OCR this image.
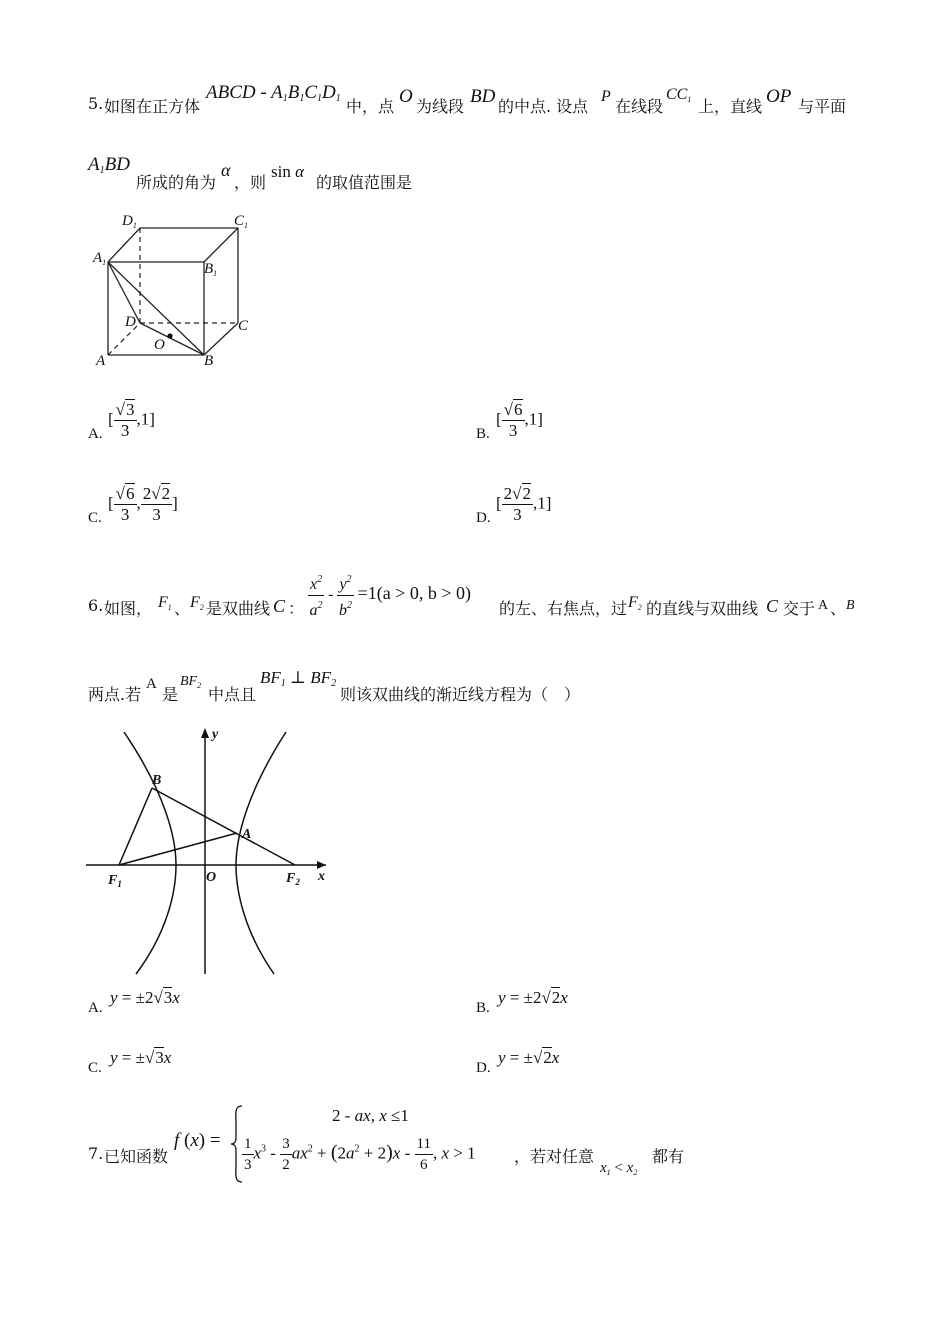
5. 如图在正方体
ABCD - $A_1B_1C_1D_1$ 中，点 O 为线段 BD 的中点. 设点
P
在线段
$CC_1$ 上，直线 OP 与平面
$A_1BD$
所成的角为
α
，则
sin α
的取值范围是
$D_1$	$C_1$
$A_1$	$B_1$
D	C
A	B
O
A.
[ $\frac{√3}{3} ,1$]
B.
[ $\frac{√6}{3} ,1$]
C.
[ $\frac{√6}{3}$ , $\frac{2√2}{3}$ ]
D.
[ $\frac{2√2}{3} ,1$]
6. 如图， $F_1$ 、 $F_2$ 是双曲线 C ： $\frac{x^2}{a^2} - \frac{y^2}{b^2} =1(a > 0$, b > 0)
的左、右焦点，过 $F_2$ 的直线与双曲线 C 交于 A 、 B
两点.若
A
是
$BF_2$ 中点且
$BF_1$ ⊥ $BF_2$
则该双曲线的渐近线方程为（　）
y
x
O
B
A
$F_1$	$F_2$
A.
y = ±2√3x
B.
y = ±2√2x
C.
y = ±√3x
D.
y = ±√2x
7. 已知函数
f (x) =
2 - ax, x ≤1
$\frac{1}{3} x^3 - \frac{3}{2} ax^2 + (2a^2 + 2)x - \frac{11}{6}$ , x > 1 ，若对任意
$x_1 < x_2$
都有
